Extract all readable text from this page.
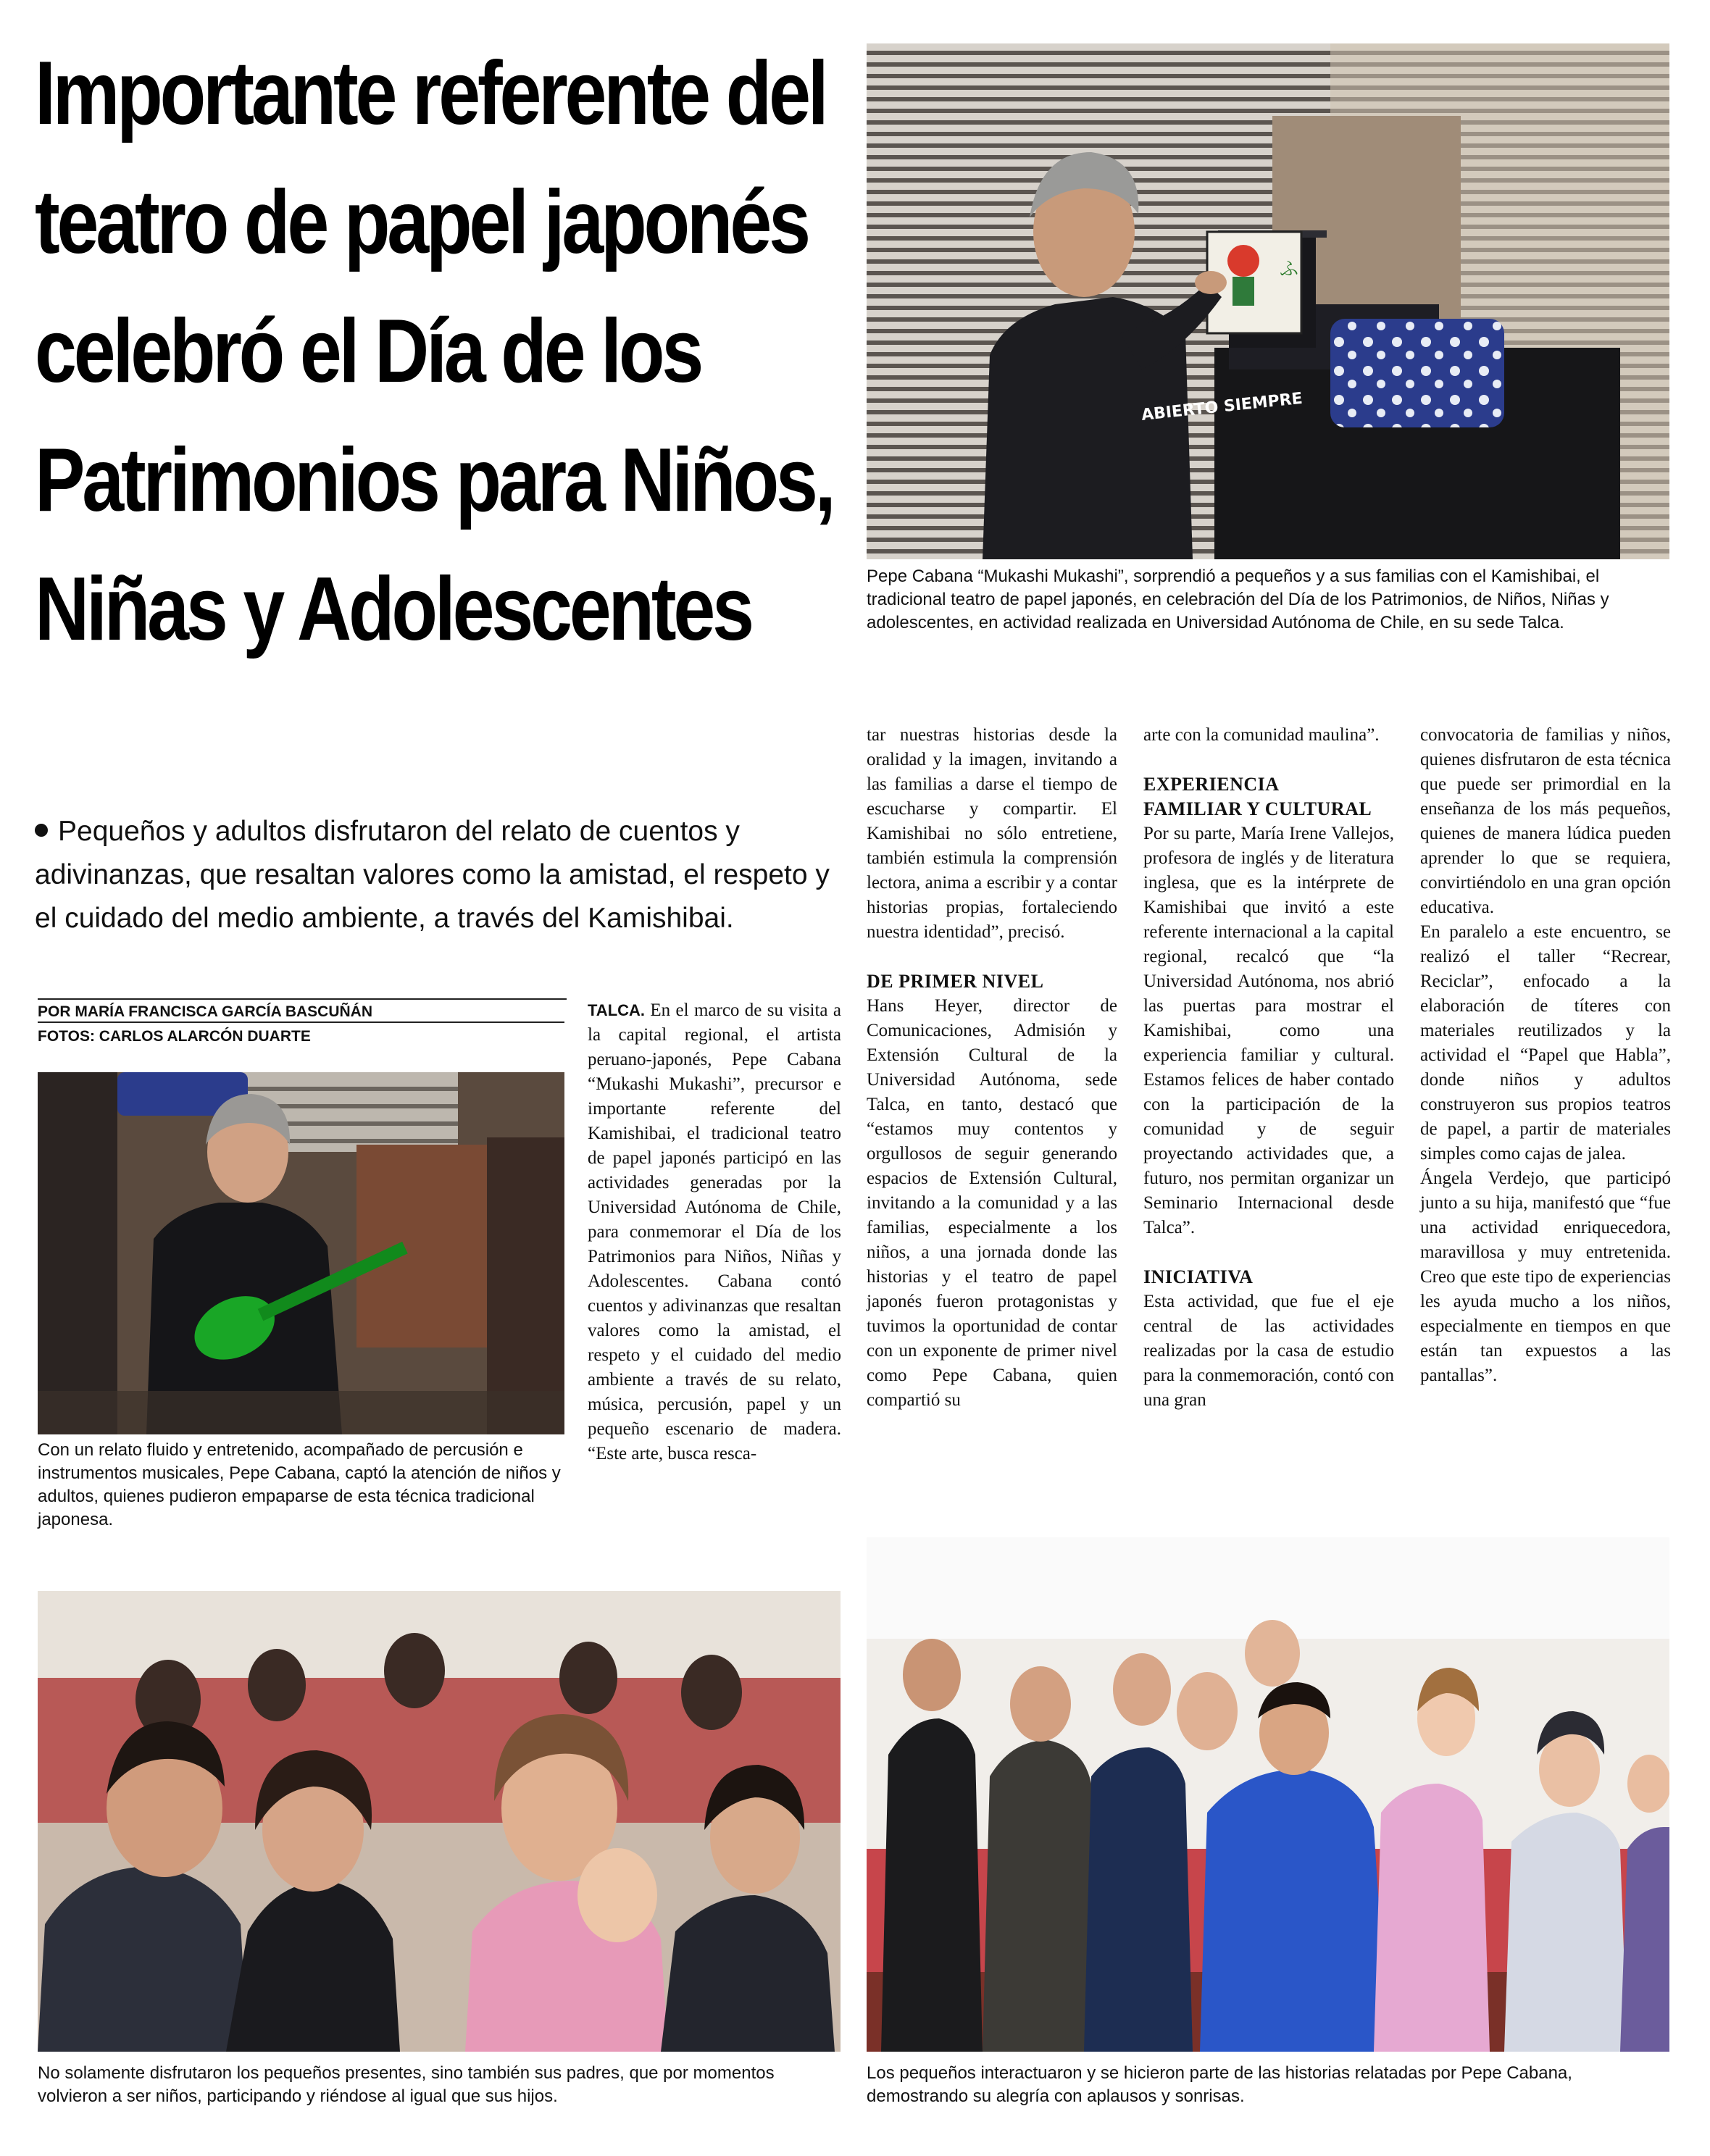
Importante referente del teatro de papel japonés celebró el Día de los Patrimonios para Niños, Niñas y Adolescentes

Pequeños y adultos disfrutaron del relato de cuentos y adivinanzas, que resaltan valores como la amistad, el respeto y el cuidado del medio ambiente, a través del Kamishibai.

POR MARÍA FRANCISCA GARCÍA BASCUÑÁN
FOTOS: CARLOS ALARCÓN DUARTE
ふ
ABIERTO SIEMPRE

Pepe Cabana “Mukashi Mukashi”, sorprendió a pequeños y a sus familias con el Kamishibai, el tradicional teatro de papel japonés, en celebración del Día de los Patrimonios, de Niños, Niñas y adolescentes, en actividad realizada en Universidad Autónoma de Chile, en su sede Talca.

Con un relato fluido y entretenido, acompañado de percusión e instrumentos musicales, Pepe Cabana, captó la atención de niños y adultos, quienes pudieron empaparse de esta técnica tradicional japonesa.

TALCA. En el marco de su visita a la capital regional, el artista peruano-japonés, Pepe Cabana “Mukashi Mukashi”, precursor e importante referente del Kamishibai, el tradicional teatro de papel japonés participó en las actividades generadas por la Universidad Autónoma de Chile, para conmemorar el Día de los Patrimonios para Niños, Niñas y Adolescentes. Cabana contó cuentos y adivinanzas que resaltan valores como la amistad, el respeto y el cuidado del medio ambiente a través de su relato, música, percusión, papel y un pequeño escenario de madera. “Este arte, busca resca-

tar nuestras historias desde la oralidad y la imagen, invitando a las familias a darse el tiempo de escucharse y compartir. El Kamishibai no sólo entretiene, también estimula la comprensión lectora, anima a escribir y a contar historias propias, fortaleciendo nuestra identidad”, precisó.

DE PRIMER NIVEL

Hans Heyer, director de Comunicaciones, Admisión y Extensión Cultural de la Universidad Autónoma, sede Talca, en tanto, destacó que “estamos muy contentos y orgullosos de seguir generando espacios de Extensión Cultural, invitando a la comunidad y a las familias, especialmente a los niños, a una jornada donde las historias y el teatro de papel japonés fueron protagonistas y tuvimos la oportunidad de contar con un exponente de primer nivel como Pepe Cabana, quien compartió su

arte con la comunidad maulina”.

EXPERIENCIA
FAMILIAR Y CULTURAL

Por su parte, María Irene Vallejos, profesora de inglés y de literatura inglesa, que es la intérprete de Kamishibai que invitó a este referente internacional a la capital regional, recalcó que “la Universidad Autónoma, nos abrió las puertas para mostrar el Kamishibai, como una experiencia familiar y cultural. Estamos felices de haber contado con la participación de la comunidad y de seguir proyectando actividades que, a futuro, nos permitan organizar un Seminario Internacional desde Talca”.

INICIATIVA

Esta actividad, que fue el eje central de las actividades realizadas por la casa de estudio para la conmemoración, contó con una gran

convocatoria de familias y niños, quienes disfrutaron de esta técnica que puede ser primordial en la enseñanza de los más pequeños, quienes de manera lúdica pueden aprender lo que se requiera, convirtiéndolo en una gran opción educativa.

En paralelo a este encuentro, se realizó el taller “Recrear, Reciclar”, enfocado a la elaboración de títeres con materiales reutilizados y la actividad el “Papel que Habla”, donde niños y adultos construyeron sus propios teatros de papel, a partir de materiales simples como cajas de jalea.

Ángela Verdejo, que participó junto a su hija, manifestó que “fue una actividad enriquecedora, maravillosa y muy entretenida. Creo que este tipo de experiencias les ayuda mucho a los niños, especialmente en tiempos en que están tan expuestos a las pantallas”.

No solamente disfrutaron los pequeños presentes, sino también sus padres, que por momentos volvieron a ser niños, participando y riéndose al igual que sus hijos.

Los pequeños interactuaron y se hicieron parte de las historias relatadas por Pepe Cabana, demostrando su alegría con aplausos y sonrisas.
